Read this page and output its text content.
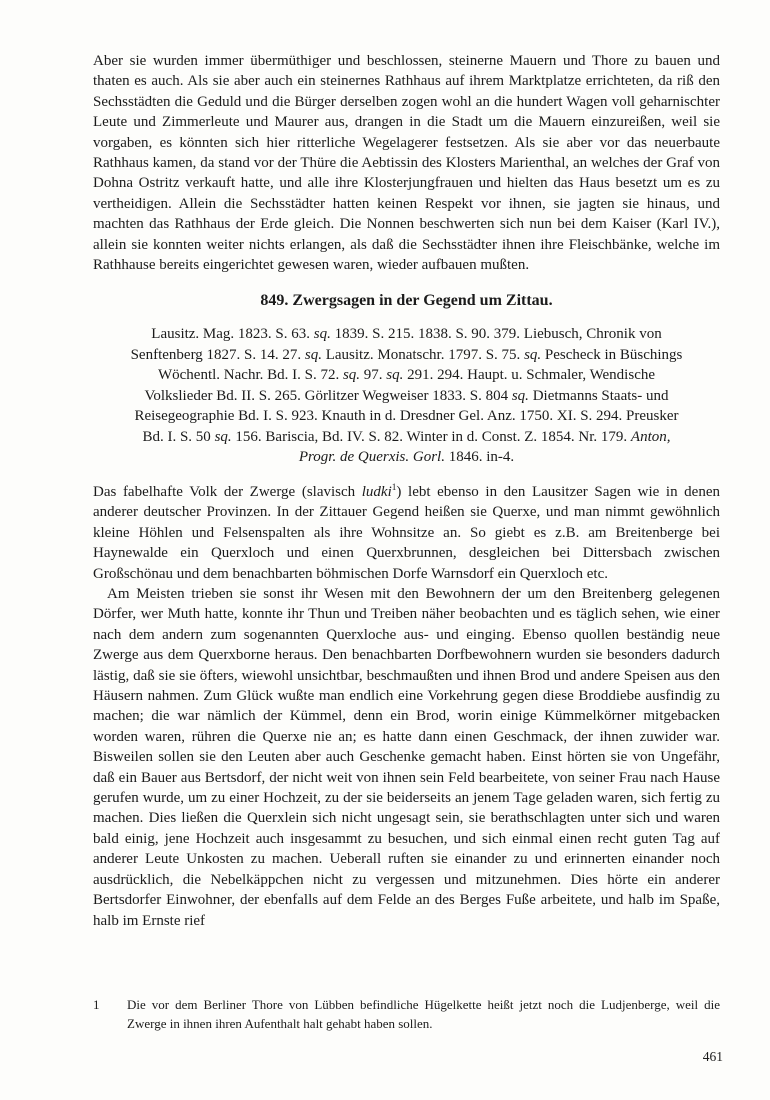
Aber sie wurden immer übermüthiger und beschlossen, steinerne Mauern und Thore zu bauen und thaten es auch. Als sie aber auch ein steinernes Rathhaus auf ihrem Marktplatze errichteten, da riß den Sechsstädten die Geduld und die Bürger derselben zogen wohl an die hundert Wagen voll geharnischter Leute und Zimmerleute und Maurer aus, drangen in die Stadt um die Mauern einzureißen, weil sie vorgaben, es könnten sich hier ritterliche Wegelagerer festsetzen. Als sie aber vor das neuerbaute Rathhaus kamen, da stand vor der Thüre die Aebtissin des Klosters Marienthal, an welches der Graf von Dohna Ostritz verkauft hatte, und alle ihre Klosterjungfrauen und hielten das Haus besetzt um es zu vertheidigen. Allein die Sechsstädter hatten keinen Respekt vor ihnen, sie jagten sie hinaus, und machten das Rathhaus der Erde gleich. Die Nonnen beschwerten sich nun bei dem Kaiser (Karl IV.), allein sie konnten weiter nichts erlangen, als daß die Sechsstädter ihnen ihre Fleischbänke, welche im Rathhause bereits eingerichtet gewesen waren, wieder aufbauen mußten.

849. Zwergsagen in der Gegend um Zittau.
Lausitz. Mag. 1823. S. 63. sq. 1839. S. 215. 1838. S. 90. 379. Liebusch, Chronik von
Senftenberg 1827. S. 14. 27. sq. Lausitz. Monatschr. 1797. S. 75. sq. Pescheck in Büschings
Wöchentl. Nachr. Bd. I. S. 72. sq. 97. sq. 291. 294. Haupt. u. Schmaler, Wendische
Volkslieder Bd. II. S. 265. Görlitzer Wegweiser 1833. S. 804 sq. Dietmanns Staats- und
Reisegeographie Bd. I. S. 923. Knauth in d. Dresdner Gel. Anz. 1750. XI. S. 294. Preusker
Bd. I. S. 50 sq. 156. Bariscia, Bd. IV. S. 82. Winter in d. Const. Z. 1854. Nr. 179. Anton,
Progr. de Querxis. Gorl. 1846. in-4.

Das fabelhafte Volk der Zwerge (slavisch ludki$^1$) lebt ebenso in den Lausitzer Sagen wie in denen anderer deutscher Provinzen. In der Zittauer Gegend heißen sie Querxe, und man nimmt gewöhnlich kleine Höhlen und Felsenspalten als ihre Wohnsitze an. So giebt es z.B. am Breitenberge bei Haynewalde ein Querxloch und einen Querxbrunnen, desgleichen bei Dittersbach zwischen Großschönau und dem benachbarten böhmischen Dorfe Warnsdorf ein Querxloch etc.

Am Meisten trieben sie sonst ihr Wesen mit den Bewohnern der um den Breitenberg gelegenen Dörfer, wer Muth hatte, konnte ihr Thun und Treiben näher beobachten und es täglich sehen, wie einer nach dem andern zum sogenannten Querxloche aus- und einging. Ebenso quollen beständig neue Zwerge aus dem Querxborne heraus. Den benachbarten Dorfbewohnern wurden sie besonders dadurch lästig, daß sie sie öfters, wiewohl unsichtbar, beschmaußten und ihnen Brod und andere Speisen aus den Häusern nahmen. Zum Glück wußte man endlich eine Vorkehrung gegen diese Broddiebe ausfindig zu machen; die war nämlich der Kümmel, denn ein Brod, worin einige Kümmelkörner mitgebacken worden waren, rühren die Querxe nie an; es hatte dann einen Geschmack, der ihnen zuwider war. Bisweilen sollen sie den Leuten aber auch Geschenke gemacht haben. Einst hörten sie von Ungefähr, daß ein Bauer aus Bertsdorf, der nicht weit von ihnen sein Feld bearbeitete, von seiner Frau nach Hause gerufen wurde, um zu einer Hochzeit, zu der sie beiderseits an jenem Tage geladen waren, sich fertig zu machen. Dies ließen die Querxlein sich nicht ungesagt sein, sie berathschlagten unter sich und waren bald einig, jene Hochzeit auch insgesammt zu besuchen, und sich einmal einen recht guten Tag auf anderer Leute Unkosten zu machen. Ueberall ruften sie einander zu und erinnerten einander noch ausdrücklich, die Nebelkäppchen nicht zu vergessen und mitzunehmen. Dies hörte ein anderer Bertsdorfer Einwohner, der ebenfalls auf dem Felde an des Berges Fuße arbeitete, und halb im Spaße, halb im Ernste rief

1	Die vor dem Berliner Thore von Lübben befindliche Hügelkette heißt jetzt noch die Ludjenberge, weil die Zwerge in ihnen ihren Aufenthalt halt gehabt haben sollen.
461
